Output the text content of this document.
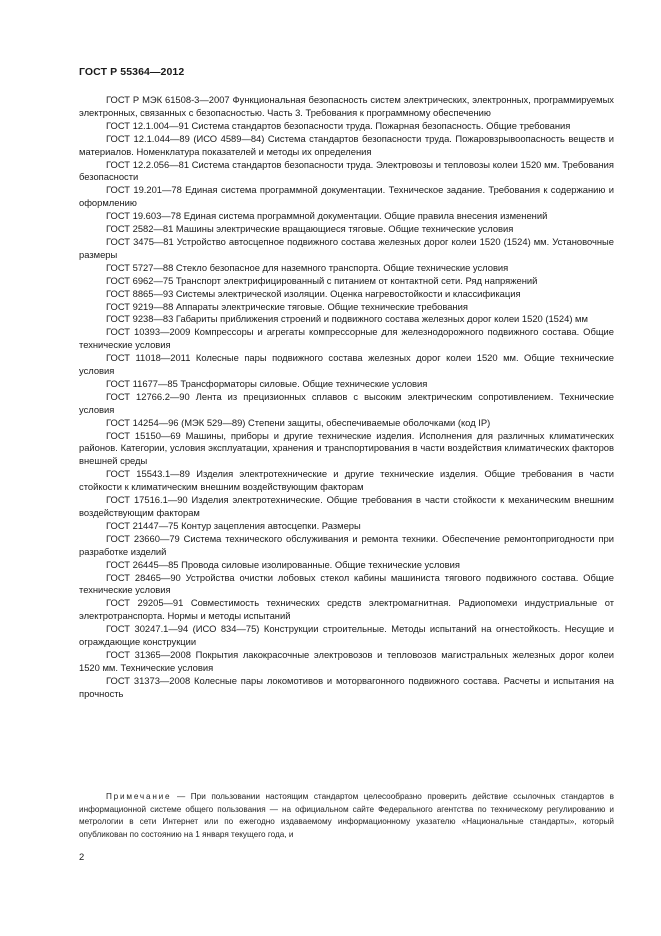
ГОСТ Р 55364—2012

ГОСТ Р МЭК 61508-3—2007 Функциональная безопасность систем электрических, электронных, программируемых электронных, связанных с безопасностью. Часть 3. Требования к программному обеспечению

ГОСТ 12.1.004—91 Система стандартов безопасности труда. Пожарная безопасность. Общие требования

ГОСТ 12.1.044—89 (ИСО 4589—84) Система стандартов безопасности труда. Пожаровзрывоопасность веществ и материалов. Номенклатура показателей и методы их определения

ГОСТ 12.2.056—81 Система стандартов безопасности труда. Электровозы и тепловозы колеи 1520 мм. Требования безопасности

ГОСТ 19.201—78 Единая система программной документации. Техническое задание. Требования к содержанию и оформлению

ГОСТ 19.603—78 Единая система программной документации. Общие правила внесения изменений

ГОСТ 2582—81 Машины электрические вращающиеся тяговые. Общие технические условия

ГОСТ 3475—81 Устройство автосцепное подвижного состава железных дорог колеи 1520 (1524) мм. Установочные размеры

ГОСТ 5727—88 Стекло безопасное для наземного транспорта. Общие технические условия

ГОСТ 6962—75 Транспорт электрифицированный с питанием от контактной сети. Ряд напряжений

ГОСТ 8865—93 Системы электрической изоляции. Оценка нагревостойкости и классификация

ГОСТ 9219—88 Аппараты электрические тяговые. Общие технические требования

ГОСТ 9238—83 Габариты приближения строений и подвижного состава железных дорог колеи 1520 (1524) мм

ГОСТ 10393—2009 Компрессоры и агрегаты компрессорные для железнодорожного подвижного состава. Общие технические условия

ГОСТ 11018—2011 Колесные пары подвижного состава железных дорог колеи 1520 мм. Общие технические условия

ГОСТ 11677—85 Трансформаторы силовые. Общие технические условия

ГОСТ 12766.2—90 Лента из прецизионных сплавов с высоким электрическим сопротивлением. Технические условия

ГОСТ 14254—96 (МЭК 529—89) Степени защиты, обеспечиваемые оболочками (код IP)

ГОСТ 15150—69 Машины, приборы и другие технические изделия. Исполнения для различных климатических районов. Категории, условия эксплуатации, хранения и транспортирования в части воздействия климатических факторов внешней среды

ГОСТ 15543.1—89 Изделия электротехнические и другие технические изделия. Общие требования в части стойкости к климатическим внешним воздействующим факторам

ГОСТ 17516.1—90 Изделия электротехнические. Общие требования в части стойкости к механическим внешним воздействующим факторам

ГОСТ 21447—75 Контур зацепления автосцепки. Размеры

ГОСТ 23660—79 Система технического обслуживания и ремонта техники. Обеспечение ремонтопригодности при разработке изделий

ГОСТ 26445—85 Провода силовые изолированные. Общие технические условия

ГОСТ 28465—90 Устройства очистки лобовых стекол кабины машиниста тягового подвижного состава. Общие технические условия

ГОСТ 29205—91 Совместимость технических средств электромагнитная. Радиопомехи индустриальные от электротранспорта. Нормы и методы испытаний

ГОСТ 30247.1—94 (ИСО 834—75) Конструкции строительные. Методы испытаний на огнестойкость. Несущие и ограждающие конструкции

ГОСТ 31365—2008 Покрытия лакокрасочные электровозов и тепловозов магистральных железных дорог колеи 1520 мм. Технические условия

ГОСТ 31373—2008 Колесные пары локомотивов и моторвагонного подвижного состава. Расчеты и испытания на прочность

Примечание — При пользовании настоящим стандартом целесообразно проверить действие ссылочных стандартов в информационной системе общего пользования — на официальном сайте Федерального агентства по техническому регулированию и метрологии в сети Интернет или по ежегодно издаваемому информационному указателю «Национальные стандарты», который опубликован по состоянию на 1 января текущего года, и
2
